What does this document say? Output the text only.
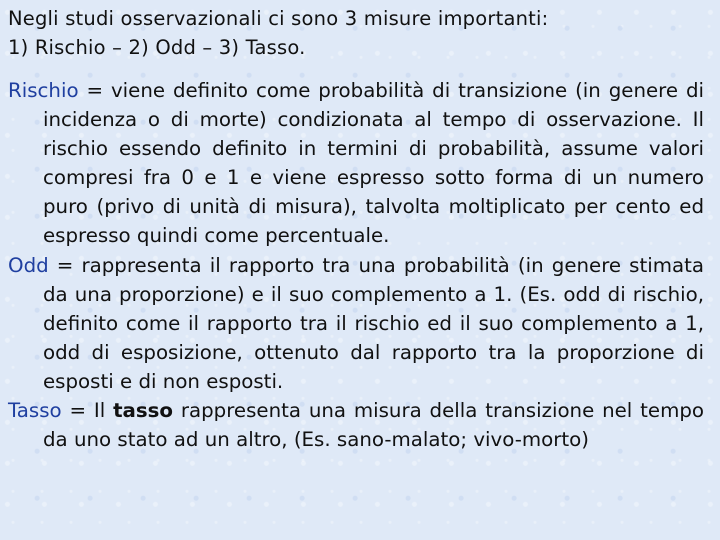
Negli studi osservazionali ci sono 3 misure importanti:
1) Rischio – 2) Odd – 3) Tasso.

Rischio = viene definito come probabilità di transizione (in genere di incidenza o di morte) condizionata al tempo di osservazione. Il rischio essendo definito in termini di probabilità, assume valori compresi fra 0 e 1 e viene espresso sotto forma di un numero puro (privo di unità di misura), talvolta moltiplicato per cento ed espresso quindi come percentuale.

Odd = rappresenta il rapporto tra una probabilità (in genere stimata da una proporzione) e il suo complemento a 1. (Es. odd di rischio, definito come il rapporto tra il rischio ed il suo complemento a 1, odd di esposizione, ottenuto dal rapporto tra la proporzione di esposti e di non esposti.

Tasso = Il tasso rappresenta una misura della transizione nel tempo da uno stato ad un altro, (Es. sano-malato; vivo-morto)
